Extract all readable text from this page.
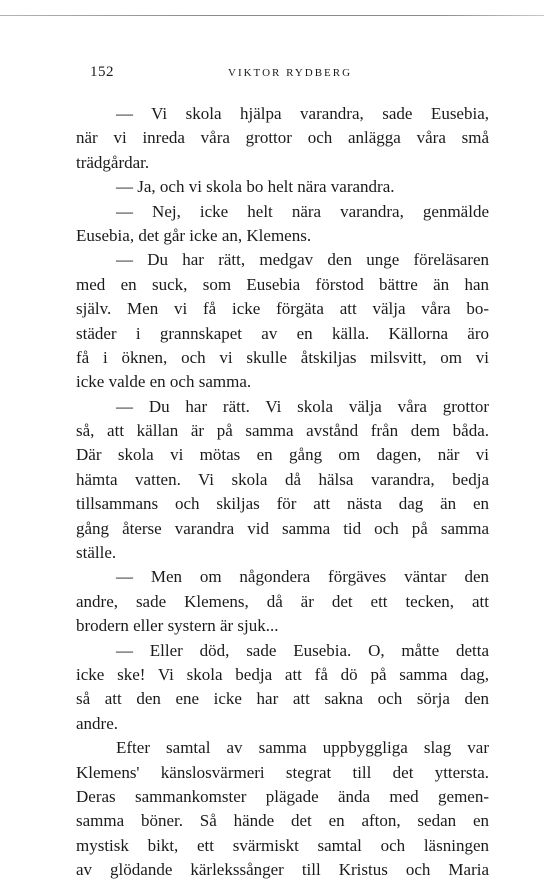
152	VIKTOR RYDBERG
— Vi skola hjälpa varandra, sade Eusebia,
när vi inreda våra grottor och anlägga våra små
trädgårdar.
— Ja, och vi skola bo helt nära varandra.
— Nej, icke helt nära varandra, genmälde
Eusebia, det går icke an, Klemens.
— Du har rätt, medgav den unge föreläsaren
med en suck, som Eusebia förstod bättre än han
själv. Men vi få icke förgäta att välja våra bo-
städer i grannskapet av en källa. Källorna äro
få i öknen, och vi skulle åtskiljas milsvitt, om vi
icke valde en och samma.
— Du har rätt. Vi skola välja våra grottor
så, att källan är på samma avstånd från dem båda.
Där skola vi mötas en gång om dagen, när vi
hämta vatten. Vi skola då hälsa varandra, bedja
tillsammans och skiljas för att nästa dag än en
gång återse varandra vid samma tid och på samma
ställe.
— Men om någondera förgäves väntar den
andre, sade Klemens, då är det ett tecken, att
brodern eller systern är sjuk...
— Eller död, sade Eusebia. O, måtte detta
icke ske! Vi skola bedja att få dö på samma dag,
så att den ene icke har att sakna och sörja den
andre.
Efter samtal av samma uppbyggliga slag var
Klemens' känslosvärmeri stegrat till det yttersta.
Deras sammankomster plägade ända med gemen-
samma böner. Så hände det en afton, sedan en
mystisk bikt, ett svärmiskt samtal och läsningen
av glödande kärlekssånger till Kristus och Maria
